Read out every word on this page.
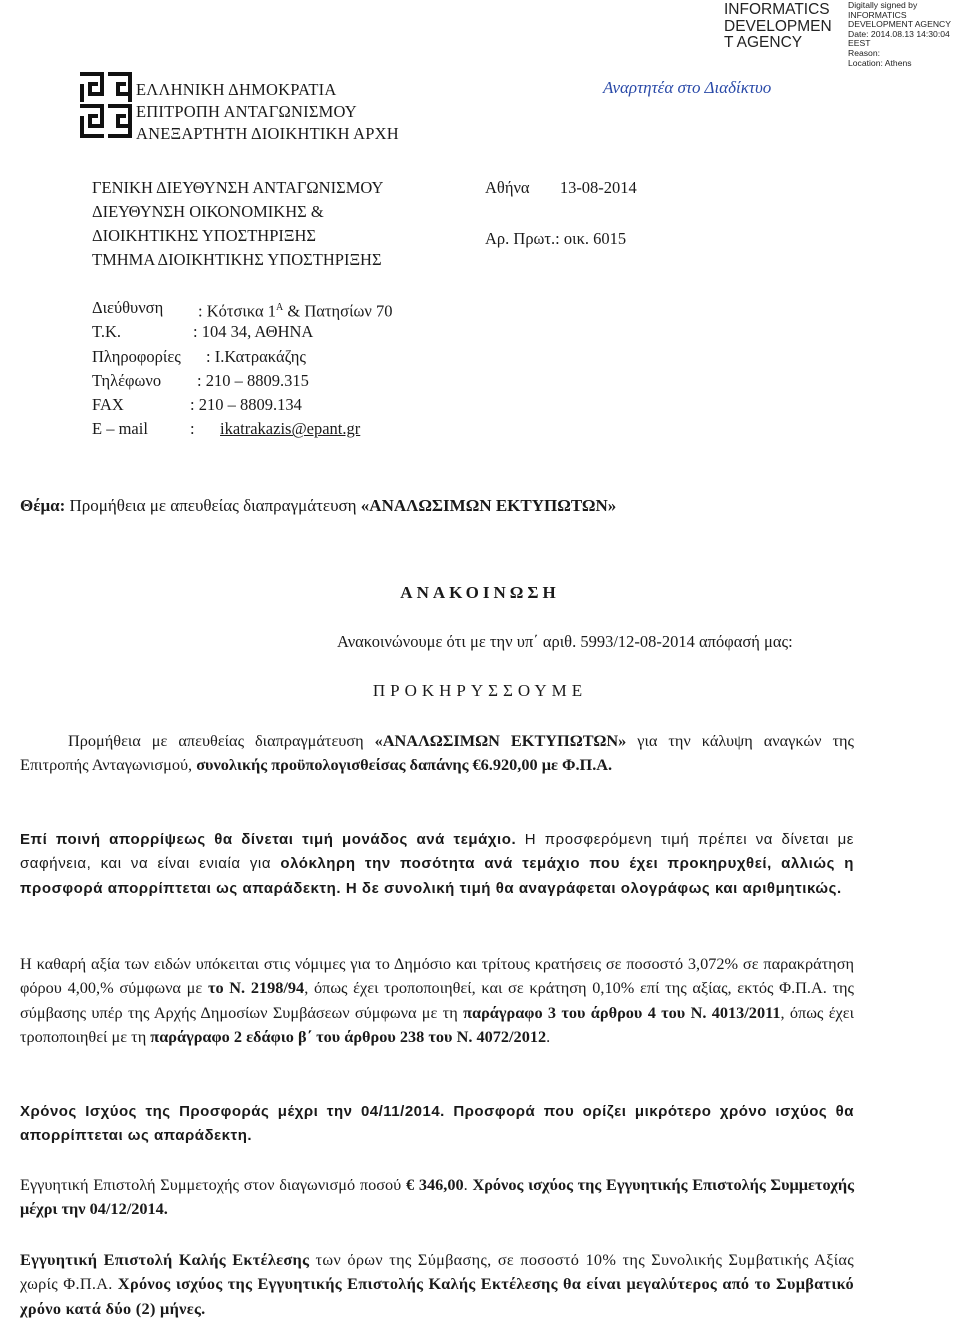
INFORMATICS
DEVELOPMEN
T AGENCY
Digitally signed by
INFORMATICS
DEVELOPMENT AGENCY
Date: 2014.08.13 14:30:04
EEST
Reason:
Location: Athens
ΕΛΛΗΝΙΚΗ ΔΗΜΟΚΡΑΤΙΑ
ΕΠΙΤΡΟΠΗ ΑΝΤΑΓΩΝΙΣΜΟΥ
ΑΝΕΞΑΡΤΗΤΗ ΔΙΟΙΚΗΤΙΚΗ ΑΡΧΗ
Αναρτητέα στο Διαδίκτυο
ΓΕΝΙΚΗ ΔΙΕΥΘΥΝΣΗ ΑΝΤΑΓΩΝΙΣΜΟΥ
ΔΙΕΥΘΥΝΣΗ ΟΙΚΟΝΟΜΙΚΗΣ &
ΔΙΟΙΚΗΤΙΚΗΣ ΥΠΟΣΤΗΡΙΞΗΣ
ΤΜΗΜΑ ΔΙΟΙΚΗΤΙΚΗΣ ΥΠΟΣΤΗΡΙΞΗΣ
Αθήνα 13-08-2014
Αρ. Πρωτ.: οικ. 6015
Διεύθυνση : Κότσικα $1^A$ & Πατησίων 70
Τ.Κ.	: 104 34, ΑΘΗΝΑ
Πληροφορίες : Ι.Κατρακάζης
Τηλέφωνο : 210 – 8809.315
FAX	: 210 – 8809.134
E – mail	: ikatrakazis@epant.gr
Θέμα: Προμήθεια με απευθείας διαπραγμάτευση «ΑΝΑΛΩΣΙΜΩΝ ΕΚΤΥΠΩΤΩΝ»
ΑΝΑΚΟΙΝΩΣΗ
Ανακοινώνουμε ότι με την υπ΄ αριθ. 5993/12-08-2014 απόφασή μας:
ΠΡΟΚΗΡΥΣΣΟΥΜΕ
Προμήθεια με απευθείας διαπραγμάτευση «ΑΝΑΛΩΣΙΜΩΝ ΕΚΤΥΠΩΤΩΝ» για την κάλυψη αναγκών της Επιτροπής Ανταγωνισμού, συνολικής προϋπολογισθείσας δαπάνης €6.920,00 με Φ.Π.Α.
Επί ποινή απορρίψεως θα δίνεται τιμή μονάδος ανά τεμάχιο. Η προσφερόμενη τιμή πρέπει να δίνεται με σαφήνεια, και να είναι ενιαία για ολόκληρη την ποσότητα ανά τεμάχιο που έχει προκηρυχθεί, αλλιώς η προσφορά απορρίπτεται ως απαράδεκτη. Η δε συνολική τιμή θα αναγράφεται ολογράφως και αριθμητικώς.
Η καθαρή αξία των ειδών υπόκειται στις νόμιμες για το Δημόσιο και τρίτους κρατήσεις σε ποσοστό 3,072% σε παρακράτηση φόρου 4,00,% σύμφωνα με το Ν. 2198/94, όπως έχει τροποποιηθεί, και σε κράτηση 0,10% επί της αξίας, εκτός Φ.Π.Α. της σύμβασης υπέρ της Αρχής Δημοσίων Συμβάσεων σύμφωνα με τη παράγραφο 3 του άρθρου 4 του Ν. 4013/2011, όπως έχει τροποποιηθεί με τη παράγραφο 2 εδάφιο β΄ του άρθρου 238 του Ν. 4072/2012.
Χρόνος Ισχύος της Προσφοράς μέχρι την 04/11/2014. Προσφορά που ορίζει μικρότερο χρόνο ισχύος θα απορρίπτεται ως απαράδεκτη.
Εγγυητική Επιστολή Συμμετοχής στον διαγωνισμό ποσού € 346,00. Χρόνος ισχύος της Εγγυητικής Επιστολής Συμμετοχής μέχρι την 04/12/2014.
Εγγυητική Επιστολή Καλής Εκτέλεσης των όρων της Σύμβασης, σε ποσοστό 10% της Συνολικής Συμβατικής Αξίας χωρίς Φ.Π.Α. Χρόνος ισχύος της Εγγυητικής Επιστολής Καλής Εκτέλεσης θα είναι μεγαλύτερος από το Συμβατικό χρόνο κατά δύο (2) μήνες.
